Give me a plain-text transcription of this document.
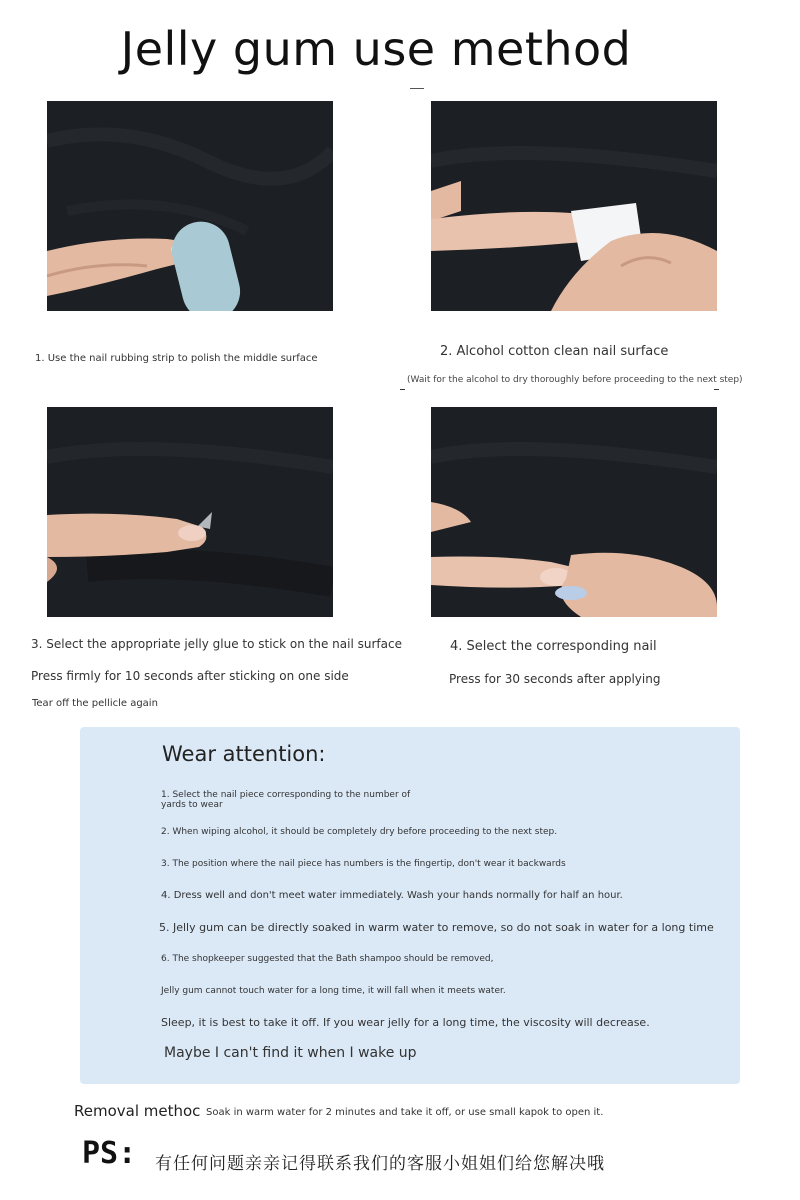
Jelly gum use method
1. Use the nail rubbing strip to polish the middle surface	2. Alcohol cotton clean nail surface
(Wait for the alcohol to dry thoroughly before proceeding to the next step)
3. Select the appropriate jelly glue to stick on the nail surface
Press firmly for 10 seconds after sticking on one side
Tear off the pellicle again
4. Select the corresponding nail
Press for 30 seconds after applying
Wear attention:
1. Select the nail piece corresponding to the number of
yards to wear
2. When wiping alcohol, it should be completely dry before proceeding to the next step.
3. The position where the nail piece has numbers is the fingertip, don't wear it backwards
4. Dress well and don't meet water immediately. Wash your hands normally for half an hour.
5. Jelly gum can be directly soaked in warm water to remove, so do not soak in water for a long time
6. The shopkeeper suggested that the Bath shampoo should be removed,
Jelly gum cannot touch water for a long time, it will fall when it meets water.
Sleep, it is best to take it off. If you wear jelly for a long time, the viscosity will decrease.
Maybe I can't find it when I wake up
Removal methoc Soak in warm water for 2 minutes and take it off, or use small kapok to open it.
PS: 有任何问题亲亲记得联系我们的客服小姐姐们给您解决哦
